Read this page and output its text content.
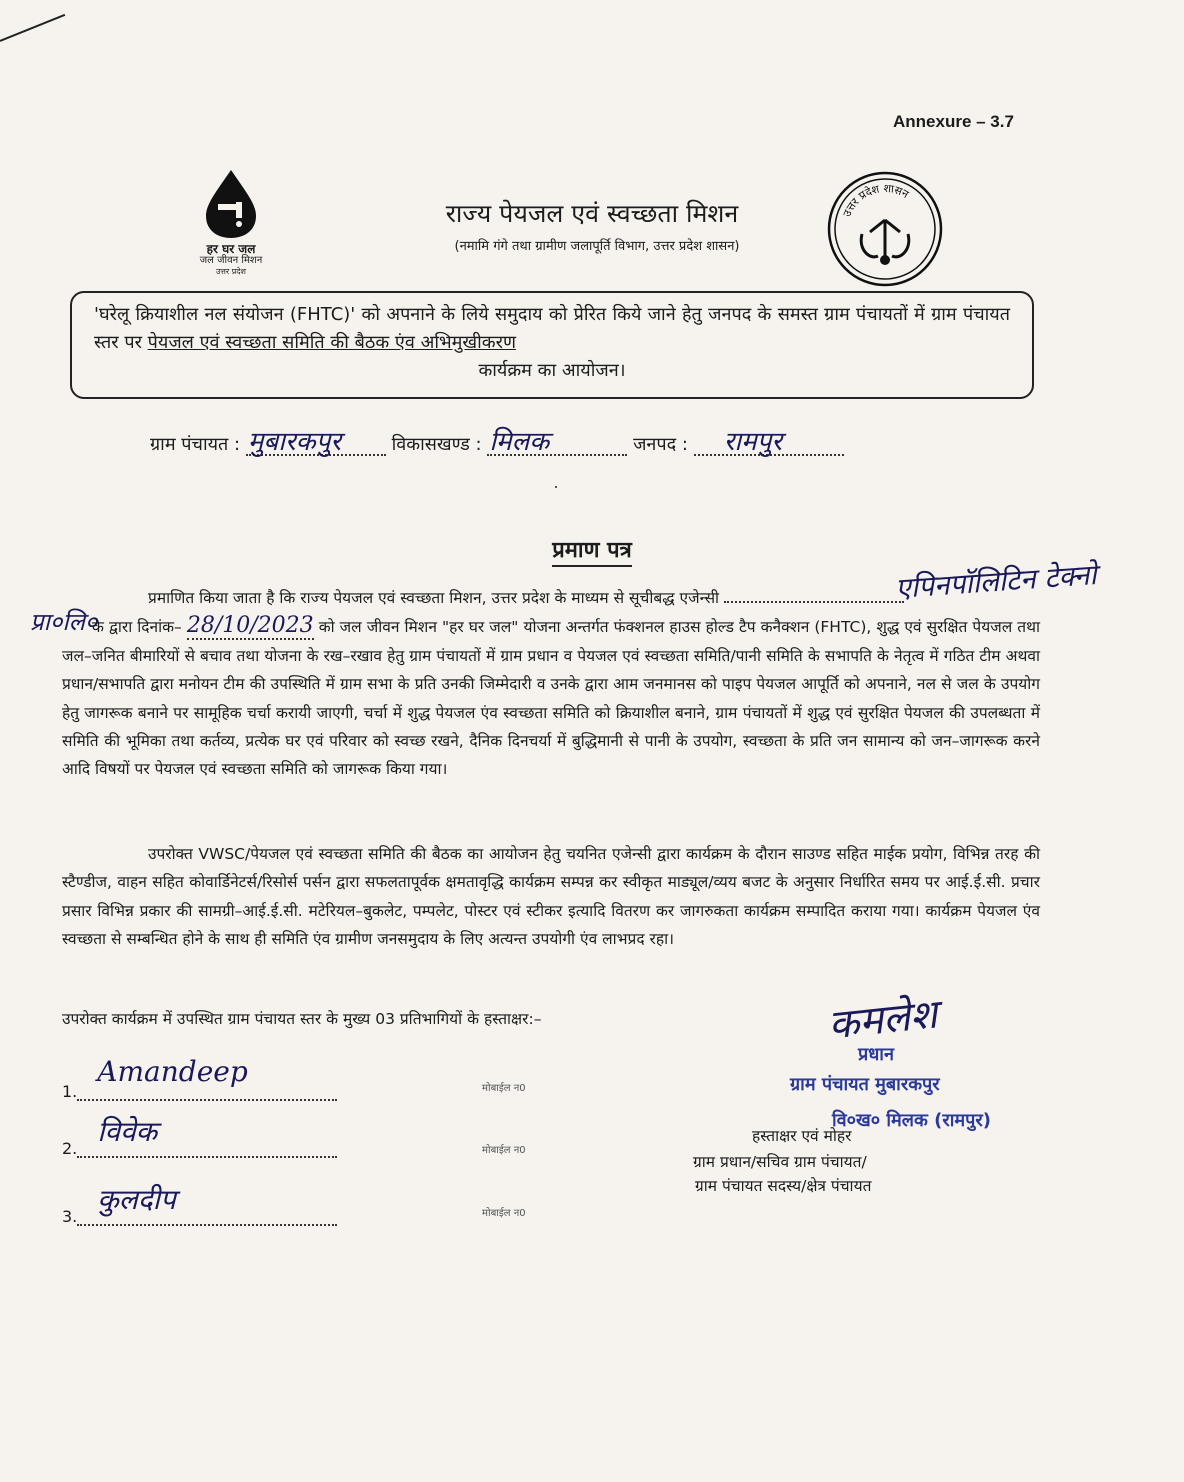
Annexure – 3.7
हर घर जल
जल जीवन मिशन
उत्तर प्रदेश
राज्य पेयजल एवं स्वच्छता मिशन
(नमामि गंगे तथा ग्रामीण जलापूर्ति विभाग, उत्तर प्रदेश शासन)
उत्तर प्रदेश शासन
'घरेलू क्रियाशील नल संयोजन (FHTC)' को अपनाने के लिये समुदाय को प्रेरित किये जाने हेतु जनपद के समस्त ग्राम पंचायतों में ग्राम पंचायत स्तर पर पेयजल एवं स्वच्छता समिति की बैठक एंव अभिमुखीकरण
कार्यक्रम का आयोजन।
ग्राम पंचायत : मुबारकपुर	विकासखण्ड : मिलक	जनपद : रामपुर
प्रमाण पत्र
एपिनपॉलिटिन टेक्नो
प्रा०लि०
प्रमाणित किया जाता है कि राज्य पेयजल एवं स्वच्छता मिशन, उत्तर प्रदेश के माध्यम से सूचीबद्ध एजेन्सी
के द्वारा दिनांक– 28/10/2023 को जल जीवन मिशन "हर घर जल" योजना अन्तर्गत फंक्शनल हाउस होल्ड टैप कनैक्शन (FHTC), शुद्ध एवं सुरक्षित पेयजल तथा जल–जनित बीमारियों से बचाव तथा योजना के रख–रखाव हेतु ग्राम पंचायतों में ग्राम प्रधान व पेयजल एवं स्वच्छता समिति/पानी समिति के सभापति के नेतृत्व में गठित टीम अथवा प्रधान/सभापति द्वारा मनोयन टीम की उपस्थिति में ग्राम सभा के प्रति उनकी जिम्मेदारी व उनके द्वारा आम जनमानस को पाइप पेयजल आपूर्ति को अपनाने, नल से जल के उपयोग हेतु जागरूक बनाने पर सामूहिक चर्चा करायी जाएगी, चर्चा में शुद्ध पेयजल एंव स्वच्छता समिति को क्रियाशील बनाने, ग्राम पंचायतों में शुद्ध एवं सुरक्षित पेयजल की उपलब्धता में समिति की भूमिका तथा कर्तव्य, प्रत्येक घर एवं परिवार को स्वच्छ रखने, दैनिक दिनचर्या में बुद्धिमानी से पानी के उपयोग, स्वच्छता के प्रति जन सामान्य को जन–जागरूक करने आदि विषयों पर पेयजल एवं स्वच्छता समिति को जागरूक किया गया।
उपरोक्त VWSC/पेयजल एवं स्वच्छता समिति की बैठक का आयोजन हेतु चयनित एजेन्सी द्वारा कार्यक्रम के दौरान साउण्ड सहित माईक प्रयोग, विभिन्न तरह की स्टैण्डीज, वाहन सहित कोवार्डिनेटर्स/रिसोर्स पर्सन द्वारा सफलतापूर्वक क्षमतावृद्धि कार्यक्रम सम्पन्न कर स्वीकृत माड्यूल/व्यय बजट के अनुसार निर्धारित समय पर आई.ई.सी. प्रचार प्रसार विभिन्न प्रकार की सामग्री–आई.ई.सी. मटेरियल–बुकलेट, पम्पलेट, पोस्टर एवं स्टीकर इत्यादि वितरण कर जागरुकता कार्यक्रम सम्पादित कराया गया। कार्यक्रम पेयजल एंव स्वच्छता से सम्बन्धित होने के साथ ही समिति एंव ग्रामीण जनसमुदाय के लिए अत्यन्त उपयोगी एंव लाभप्रद रहा।
उपरोक्त कार्यक्रम में उपस्थित ग्राम पंचायत स्तर के मुख्य 03 प्रतिभागियों के हस्ताक्षर:–
1.
Amandeep
मोबाईल न0
2.
विवेक
मोबाईल न0
3.
कुलदीप	मोबाईल न0
कमलेश
प्रधान
ग्राम पंचायत मुबारकपुर
वि०ख० मिलक (रामपुर)
हस्ताक्षर एवं मोहर
ग्राम प्रधान/सचिव ग्राम पंचायत/
ग्राम पंचायत सदस्य/क्षेत्र पंचायत
